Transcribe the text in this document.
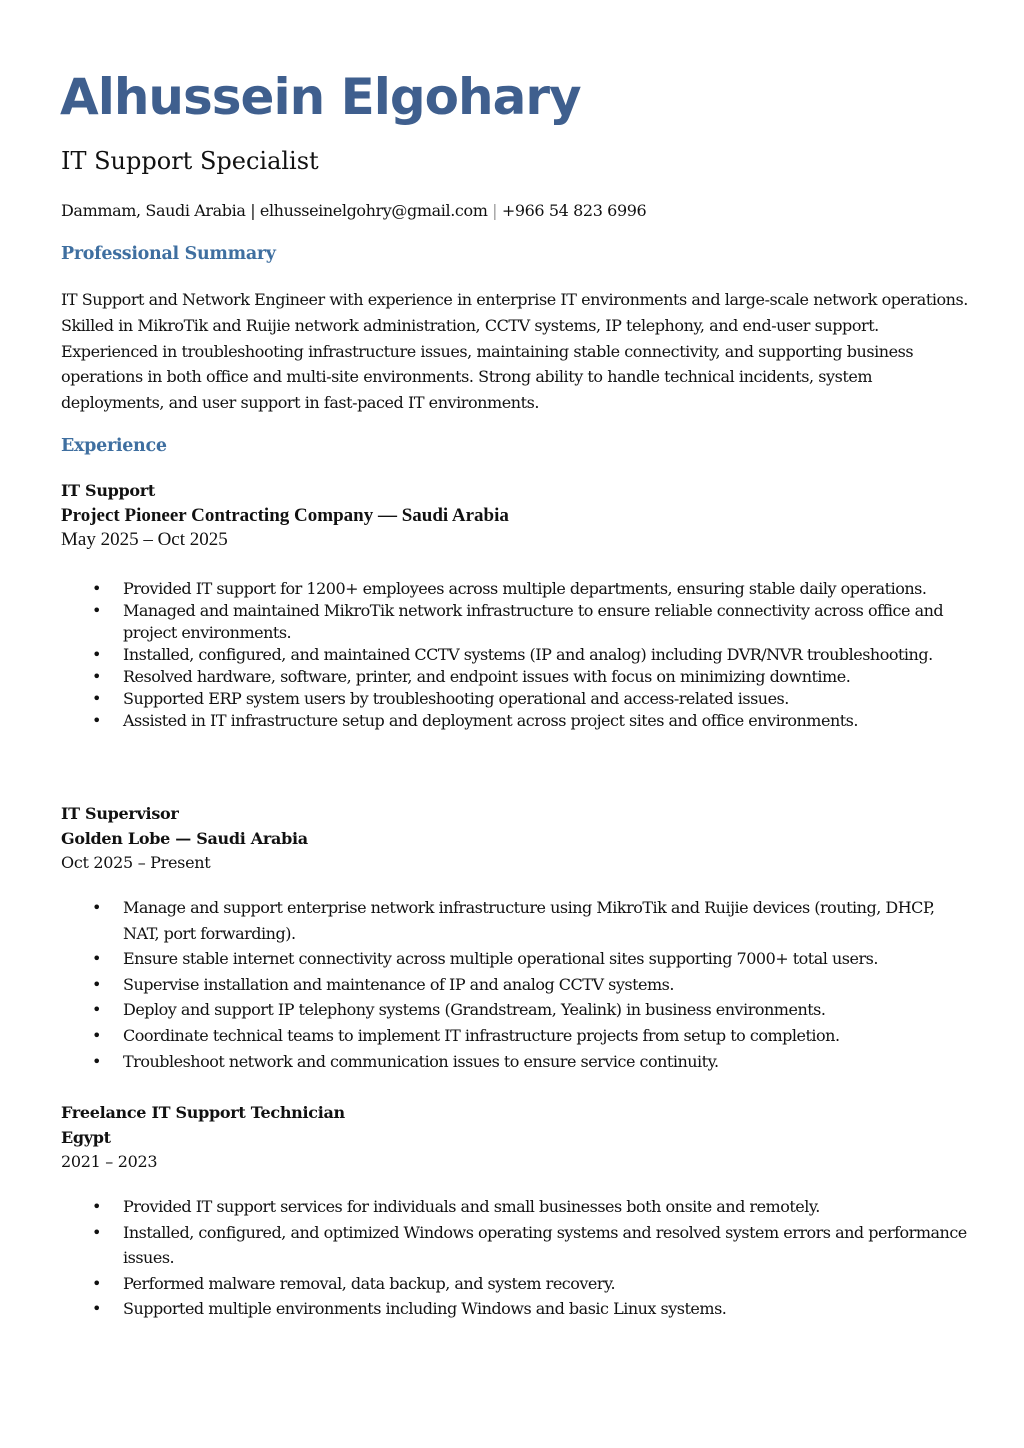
Alhussein Elgohary
IT Support Specialist
Dammam, Saudi Arabia | elhusseinelgohry@gmail.com | +966 54 823 6996
Professional Summary

IT Support and Network Engineer with experience in enterprise IT environments and large-scale network operations. Skilled in MikroTik and Ruijie network administration, CCTV systems, IP telephony, and end-user support. Experienced in troubleshooting infrastructure issues, maintaining stable connectivity, and supporting business operations in both office and multi-site environments. Strong ability to handle technical incidents, system deployments, and user support in fast-paced IT environments.

Experience
IT Support
Project Pioneer Contracting Company — Saudi Arabia
May 2025 – Oct 2025
• Provided IT support for 1200+ employees across multiple departments, ensuring stable daily operations.
• Managed and maintained MikroTik network infrastructure to ensure reliable connectivity across office and project environments.
• Installed, configured, and maintained CCTV systems (IP and analog) including DVR/NVR troubleshooting.
• Resolved hardware, software, printer, and endpoint issues with focus on minimizing downtime.
• Supported ERP system users by troubleshooting operational and access-related issues.
• Assisted in IT infrastructure setup and deployment across project sites and office environments.
IT Supervisor
Golden Lobe — Saudi Arabia
Oct 2025 – Present
• Manage and support enterprise network infrastructure using MikroTik and Ruijie devices (routing, DHCP, NAT, port forwarding).
• Ensure stable internet connectivity across multiple operational sites supporting 7000+ total users.
• Supervise installation and maintenance of IP and analog CCTV systems.
• Deploy and support IP telephony systems (Grandstream, Yealink) in business environments.
• Coordinate technical teams to implement IT infrastructure projects from setup to completion.
• Troubleshoot network and communication issues to ensure service continuity.
Freelance IT Support Technician
Egypt
2021 – 2023
• Provided IT support services for individuals and small businesses both onsite and remotely.
• Installed, configured, and optimized Windows operating systems and resolved system errors and performance issues.
• Performed malware removal, data backup, and system recovery.
• Supported multiple environments including Windows and basic Linux systems.
